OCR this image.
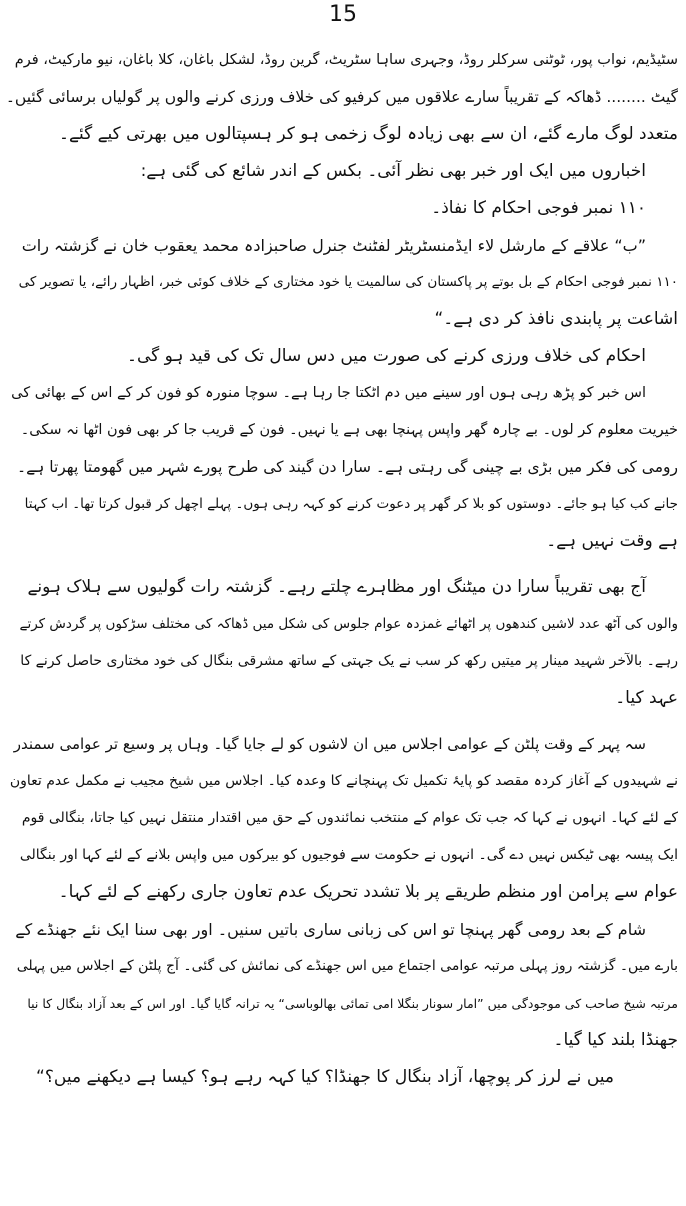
15
سٹیڈیم، نواب پور، ٹوٹنی سرکلر روڈ، وجہری ساہا سٹریٹ، گرین روڈ، لشکل باغان، کلا باغان، نیو مارکیٹ، فرم
گیٹ ........ ڈھاکہ کے تقریباً سارے علاقوں میں کرفیو کی خلاف ورزی کرنے والوں پر گولیاں برسائی گئیں۔
متعدد لوگ مارے گئے، ان سے بھی زیادہ لوگ زخمی ہو کر ہسپتالوں میں بھرتی کیے گئے۔
اخباروں میں ایک اور خبر بھی نظر آئی۔ بکس کے اندر شائع کی گئی ہے:
۱۱۰ نمبر فوجی احکام کا نفاذ۔
”ب“ علاقے کے مارشل لاء ایڈمنسٹریٹر لفٹنٹ جنرل صاحبزادہ محمد یعقوب خان نے گزشتہ رات
۱۱۰ نمبر فوجی احکام کے بل بوتے پر پاکستان کی سالمیت یا خود مختاری کے خلاف کوئی خبر، اظہار رائے، یا تصویر کی
اشاعت پر پابندی نافذ کر دی ہے۔“
احکام کی خلاف ورزی کرنے کی صورت میں دس سال تک کی قید ہو گی۔
اس خبر کو پڑھ رہی ہوں اور سینے میں دم اٹکتا جا رہا ہے۔ سوچا منورہ کو فون کر کے اس کے بھائی کی
خیریت معلوم کر لوں۔ بے چارہ گھر واپس پہنچا بھی ہے یا نہیں۔ فون کے قریب جا کر بھی فون اٹھا نہ سکی۔
رومی کی فکر میں بڑی بے چینی گی رہتی ہے۔ سارا دن گیند کی طرح پورے شہر میں گھومتا پھرتا ہے۔
جانے کب کیا ہو جائے۔ دوستوں کو بلا کر گھر پر دعوت کرنے کو کہہ رہی ہوں۔ پہلے اچھل کر قبول کرتا تھا۔ اب کہتا
ہے وقت نہیں ہے۔
آج بھی تقریباً سارا دن میٹنگ اور مظاہرے چلتے رہے۔ گزشتہ رات گولیوں سے ہلاک ہونے
والوں کی آٹھ عدد لاشیں کندھوں پر اٹھائے غمزدہ عوام جلوس کی شکل میں ڈھاکہ کی مختلف سڑکوں پر گردش کرتے
رہے۔ بالآخر شہید مینار پر میتیں رکھ کر سب نے یک جہتی کے ساتھ مشرقی بنگال کی خود مختاری حاصل کرنے کا
عہد کیا۔
سہ پہر کے وقت پلٹن کے عوامی اجلاس میں ان لاشوں کو لے جایا گیا۔ وہاں پر وسیع تر عوامی سمندر
نے شہیدوں کے آغاز کردہ مقصد کو پایۂ تکمیل تک پہنچانے کا وعدہ کیا۔ اجلاس میں شیخ مجیب نے مکمل عدم تعاون
کے لئے کہا۔ انہوں نے کہا کہ جب تک عوام کے منتخب نمائندوں کے حق میں اقتدار منتقل نہیں کیا جاتا، بنگالی قوم
ایک پیسہ بھی ٹیکس نہیں دے گی۔ انہوں نے حکومت سے فوجیوں کو بیرکوں میں واپس بلانے کے لئے کہا اور بنگالی
عوام سے پرامن اور منظم طریقے پر بلا تشدد تحریک عدم تعاون جاری رکھنے کے لئے کہا۔
شام کے بعد رومی گھر پہنچا تو اس کی زبانی ساری باتیں سنیں۔ اور بھی سنا ایک نئے جھنڈے کے
بارے میں۔ گزشتہ روز پہلی مرتبہ عوامی اجتماع میں اس جھنڈے کی نمائش کی گئی۔ آج پلٹن کے اجلاس میں پہلی
مرتبہ شیخ صاحب کی موجودگی میں ”امار سونار بنگلا امی تمائی بھالوباسی“ یہ ترانہ گایا گیا۔ اور اس کے بعد آزاد بنگال کا نیا
جھنڈا بلند کیا گیا۔
میں نے لرز کر پوچھا، آزاد بنگال کا جھنڈا؟ کیا کہہ رہے ہو؟ کیسا ہے دیکھنے میں؟“
